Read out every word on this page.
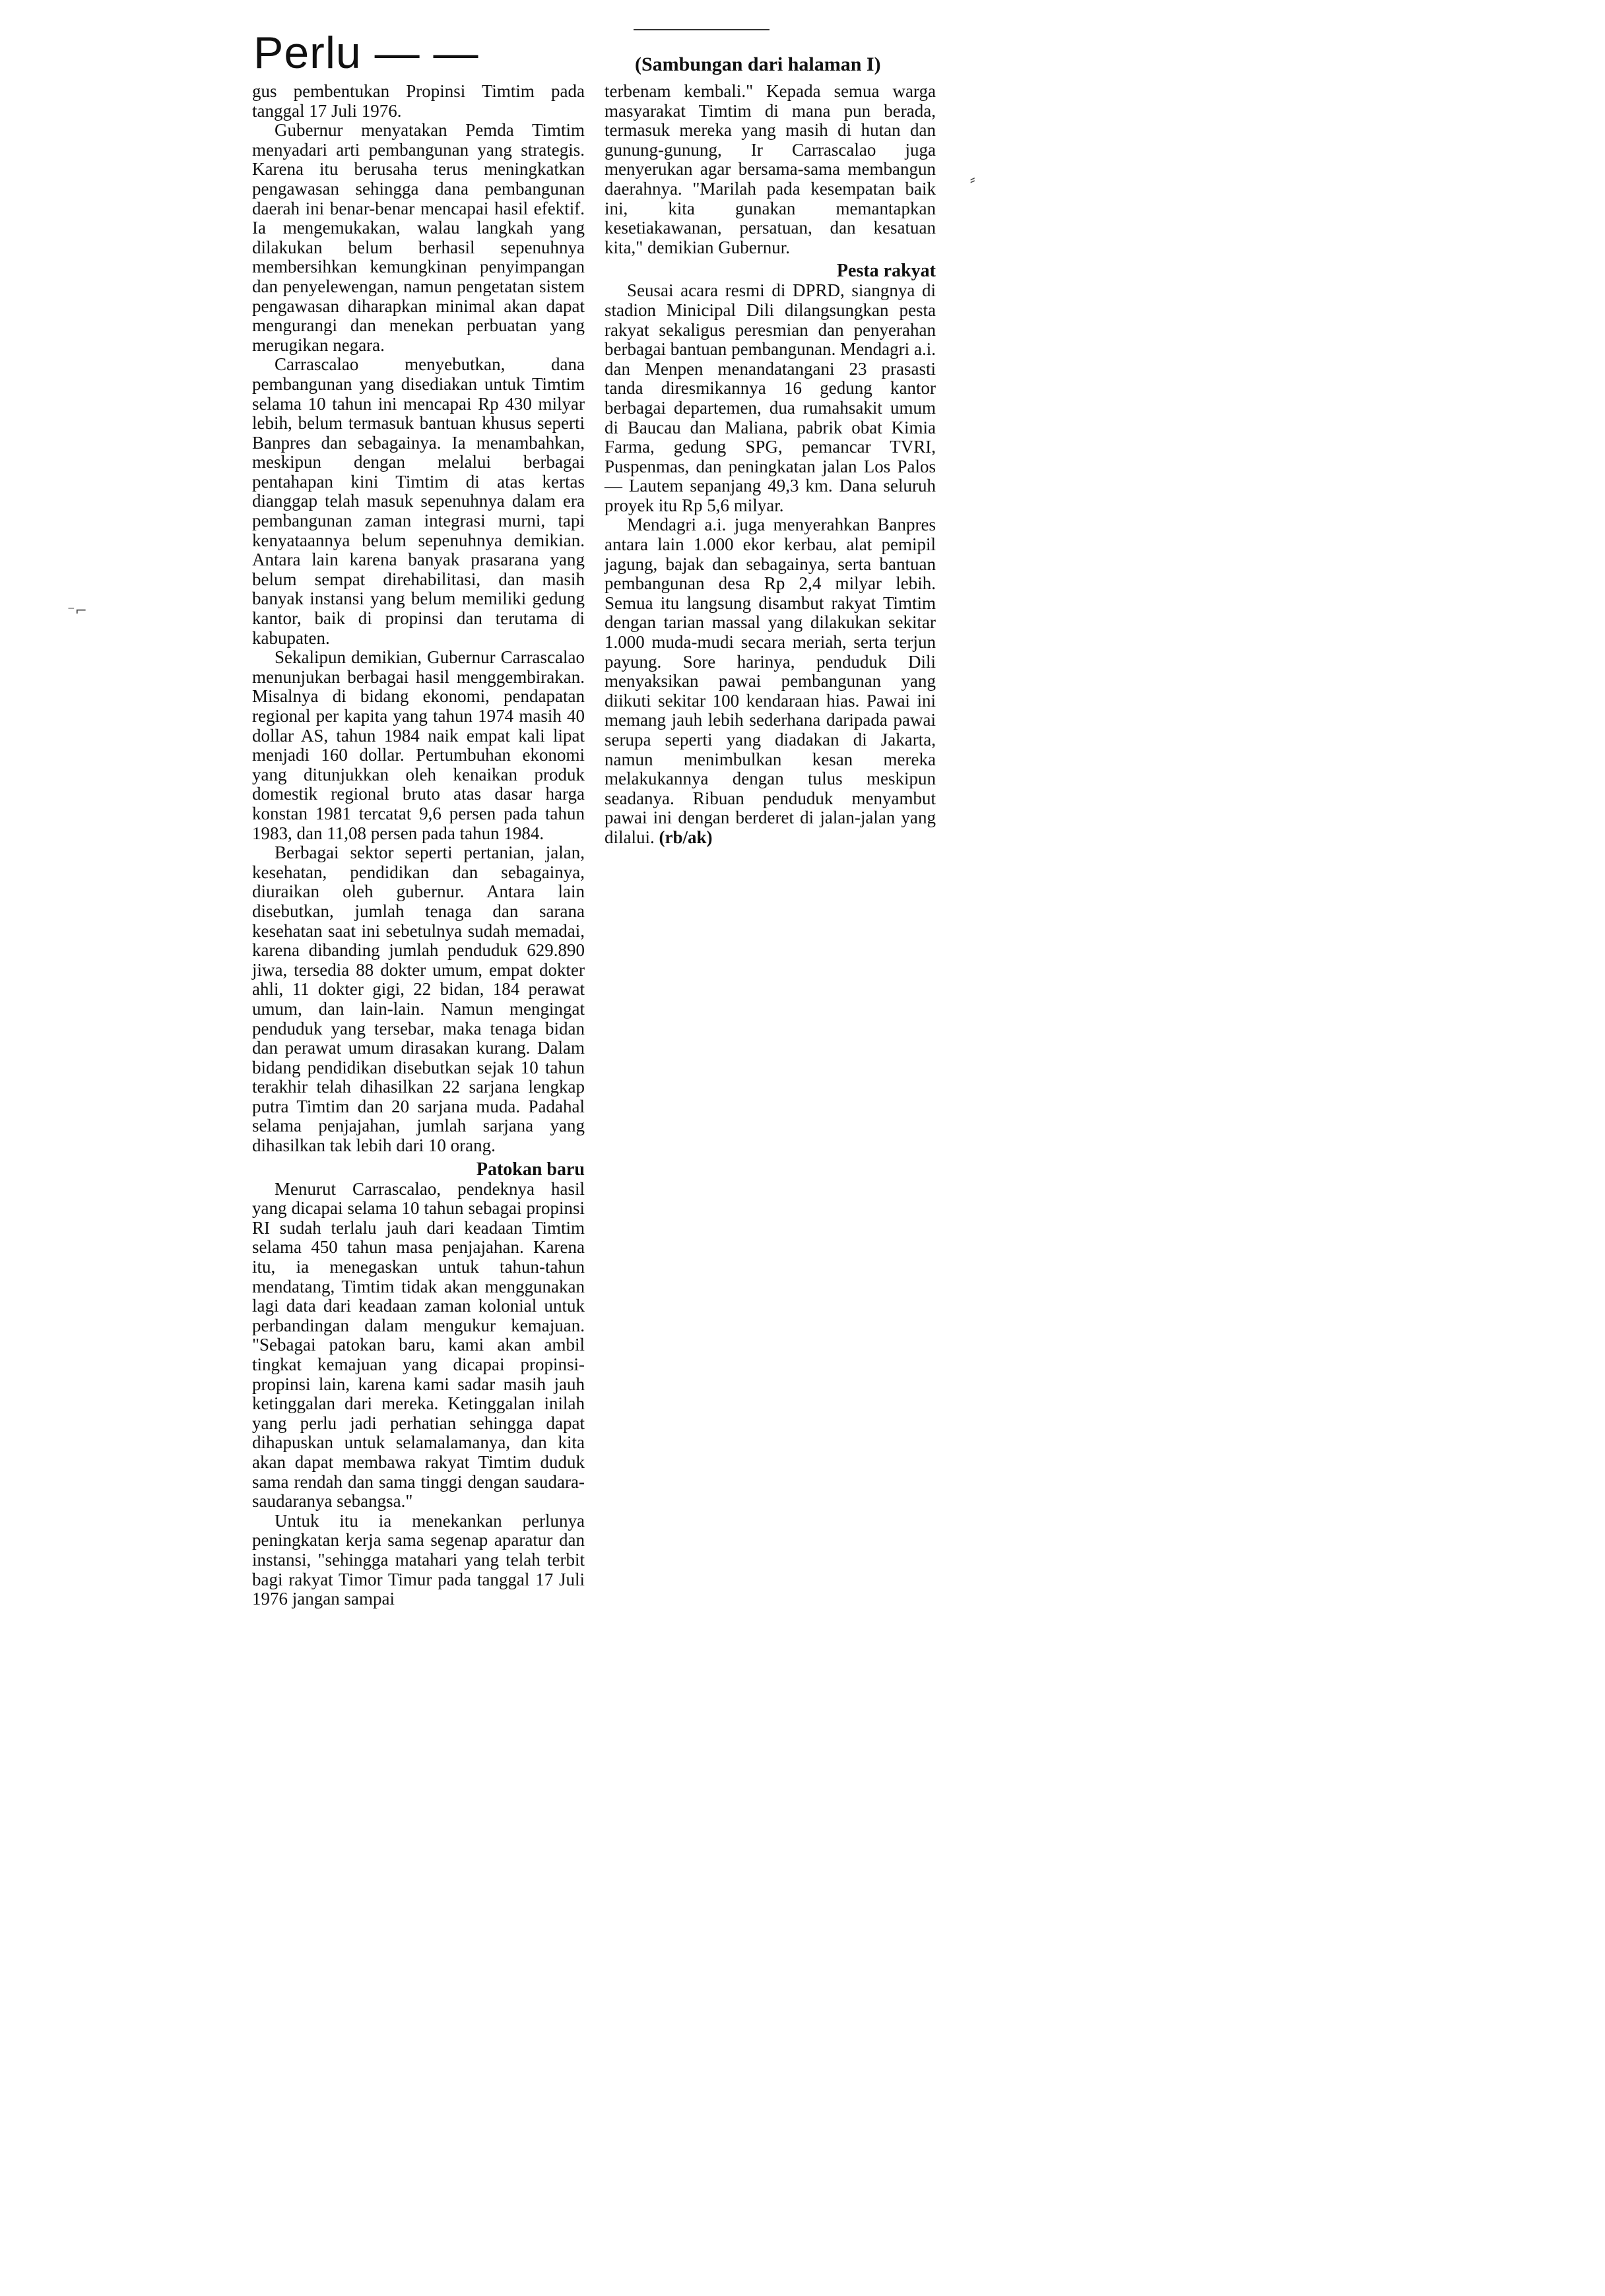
Perlu — —	(Sambungan dari halaman I)

gus pembentukan Propinsi Timtim pada tanggal 17 Juli 1976.

Gubernur menyatakan Pemda Timtim menyadari arti pembangunan yang strategis. Karena itu berusaha terus meningkatkan pengawasan sehingga dana pembangunan daerah ini benar-benar mencapai hasil efektif. Ia mengemukakan, walau langkah yang dilakukan belum berhasil sepenuhnya membersihkan kemungkinan penyimpangan dan penyelewengan, namun pengetatan sistem pengawasan diharapkan minimal akan dapat mengurangi dan menekan perbuatan yang merugikan negara.

Carrascalao menyebutkan, dana pembangunan yang disediakan untuk Timtim selama 10 tahun ini mencapai Rp 430 milyar lebih, belum termasuk bantuan khusus seperti Banpres dan sebagainya. Ia menambahkan, meskipun dengan melalui berbagai pentahapan kini Timtim di atas kertas dianggap telah masuk sepenuhnya dalam era pembangunan zaman integrasi murni, tapi kenyataannya belum sepenuhnya demikian. Antara lain karena banyak prasarana yang belum sempat direhabilitasi, dan masih banyak instansi yang belum memiliki gedung kantor, baik di propinsi dan terutama di kabupaten.

Sekalipun demikian, Gubernur Carrascalao menunjukan berbagai hasil menggembirakan. Misalnya di bidang ekonomi, pendapatan regional per kapita yang tahun 1974 masih 40 dollar AS, tahun 1984 naik empat kali lipat menjadi 160 dollar. Pertumbuhan ekonomi yang ditunjukkan oleh kenaikan produk domestik regional bruto atas dasar harga konstan 1981 tercatat 9,6 persen pada tahun 1983, dan 11,08 persen pada tahun 1984.

Berbagai sektor seperti pertanian, jalan, kesehatan, pendidikan dan sebagainya, diuraikan oleh gubernur. Antara lain disebutkan, jumlah tenaga dan sarana kesehatan saat ini sebetulnya sudah memadai, karena dibanding jumlah penduduk 629.890 jiwa, tersedia 88 dokter umum, empat dokter ahli, 11 dokter gigi, 22 bidan, 184 perawat umum, dan lain-lain. Namun mengingat penduduk yang tersebar, maka tenaga bidan dan perawat umum dirasakan kurang. Dalam bidang pendidikan disebutkan sejak 10 tahun terakhir telah dihasilkan 22 sarjana lengkap putra Timtim dan 20 sarjana muda. Padahal selama penjajahan, jumlah sarjana yang dihasilkan tak lebih dari 10 orang.

Patokan baru

Menurut Carrascalao, pendeknya hasil yang dicapai selama 10 tahun sebagai propinsi RI sudah terlalu jauh dari keadaan Timtim selama 450 tahun masa penjajahan. Karena itu, ia menegaskan untuk tahun-tahun mendatang, Timtim tidak akan menggunakan lagi data dari keadaan zaman kolonial untuk perbandingan dalam mengukur kemajuan. "Sebagai patokan baru, kami akan ambil tingkat kemajuan yang dicapai propinsi-propinsi lain, karena kami sadar masih jauh ketinggalan dari mereka. Ketinggalan inilah yang perlu jadi perhatian sehingga dapat dihapuskan untuk selamalamanya, dan kita akan dapat membawa rakyat Timtim duduk sama rendah dan sama tinggi dengan saudara-saudaranya sebangsa."

Untuk itu ia menekankan perlunya peningkatan kerja sama segenap aparatur dan instansi, "sehingga matahari yang telah terbit bagi rakyat Timor Timur pada tanggal 17 Juli 1976 jangan sampai

terbenam kembali." Kepada semua warga masyarakat Timtim di mana pun berada, termasuk mereka yang masih di hutan dan gunung-gunung, Ir Carrascalao juga menyerukan agar bersama-sama membangun daerahnya. "Marilah pada kesempatan baik ini, kita gunakan memantapkan kesetiakawanan, persatuan, dan kesatuan kita," demikian Gubernur.

Pesta rakyat

Seusai acara resmi di DPRD, siangnya di stadion Minicipal Dili dilangsungkan pesta rakyat sekaligus peresmian dan penyerahan berbagai bantuan pembangunan. Mendagri a.i. dan Menpen menandatangani 23 prasasti tanda diresmikannya 16 gedung kantor berbagai departemen, dua rumahsakit umum di Baucau dan Maliana, pabrik obat Kimia Farma, gedung SPG, pemancar TVRI, Puspenmas, dan peningkatan jalan Los Palos — Lautem sepanjang 49,3 km. Dana seluruh proyek itu Rp 5,6 milyar.

Mendagri a.i. juga menyerahkan Banpres antara lain 1.000 ekor kerbau, alat pemipil jagung, bajak dan sebagainya, serta bantuan pembangunan desa Rp 2,4 milyar lebih. Semua itu langsung disambut rakyat Timtim dengan tarian massal yang dilakukan sekitar 1.000 muda-mudi secara meriah, serta terjun payung. Sore harinya, penduduk Dili menyaksikan pawai pembangunan yang diikuti sekitar 100 kendaraan hias. Pawai ini memang jauh lebih sederhana daripada pawai serupa seperti yang diadakan di Jakarta, namun menimbulkan kesan mereka melakukannya dengan tulus meskipun seadanya. Ribuan penduduk menyambut pawai ini dengan berderet di jalan-jalan yang dilalui. (rb/ak)

⁻⌐
⸗
